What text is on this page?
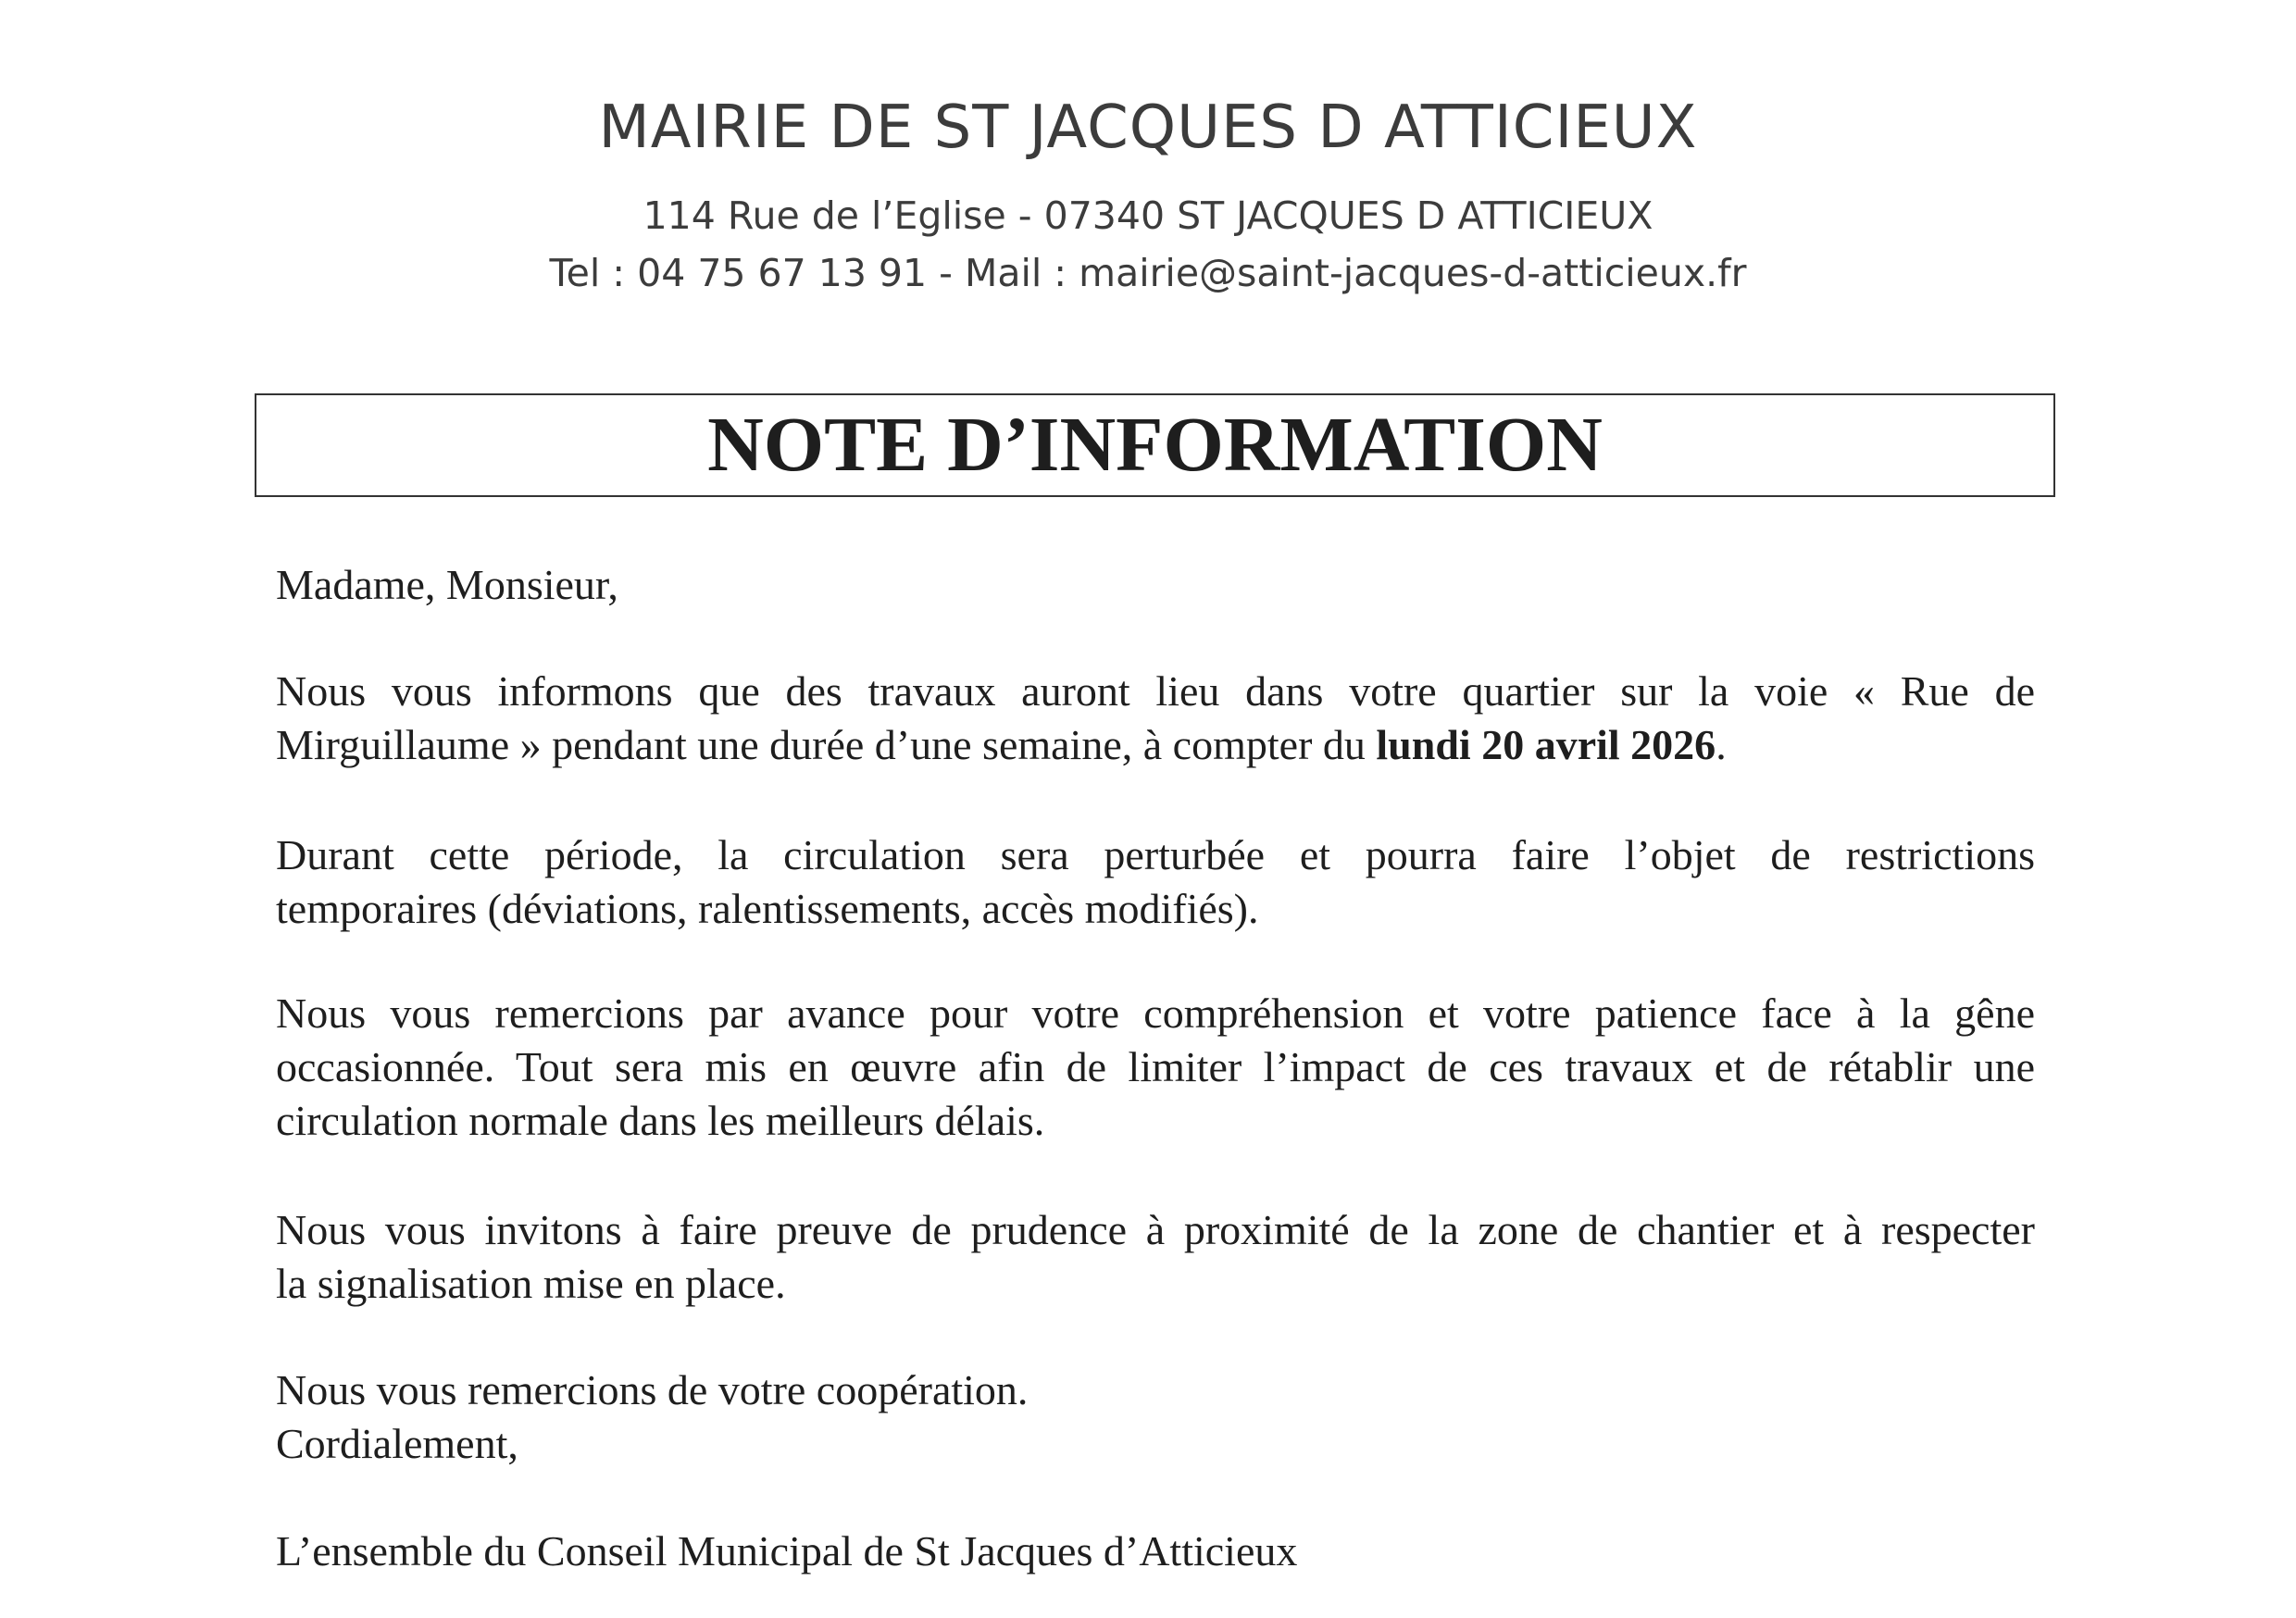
MAIRIE DE ST JACQUES D ATTICIEUX
114 Rue de l’Eglise - 07340 ST JACQUES D ATTICIEUX
Tel : 04 75 67 13 91 - Mail : mairie@saint-jacques-d-atticieux.fr
NOTE D’INFORMATION
Madame, Monsieur,
Nous vous informons que des travaux auront lieu dans votre quartier sur la voie « Rue de
Mirguillaume » pendant une durée d’une semaine, à compter du lundi 20 avril 2026.
Durant cette période, la circulation sera perturbée et pourra faire l’objet de restrictions
temporaires (déviations, ralentissements, accès modifiés).
Nous vous remercions par avance pour votre compréhension et votre patience face à la gêne
occasionnée. Tout sera mis en œuvre afin de limiter l’impact de ces travaux et de rétablir une
circulation normale dans les meilleurs délais.
Nous vous invitons à faire preuve de prudence à proximité de la zone de chantier et à respecter
la signalisation mise en place.
Nous vous remercions de votre coopération.
Cordialement,
L’ensemble du Conseil Municipal de St Jacques d’Atticieux
